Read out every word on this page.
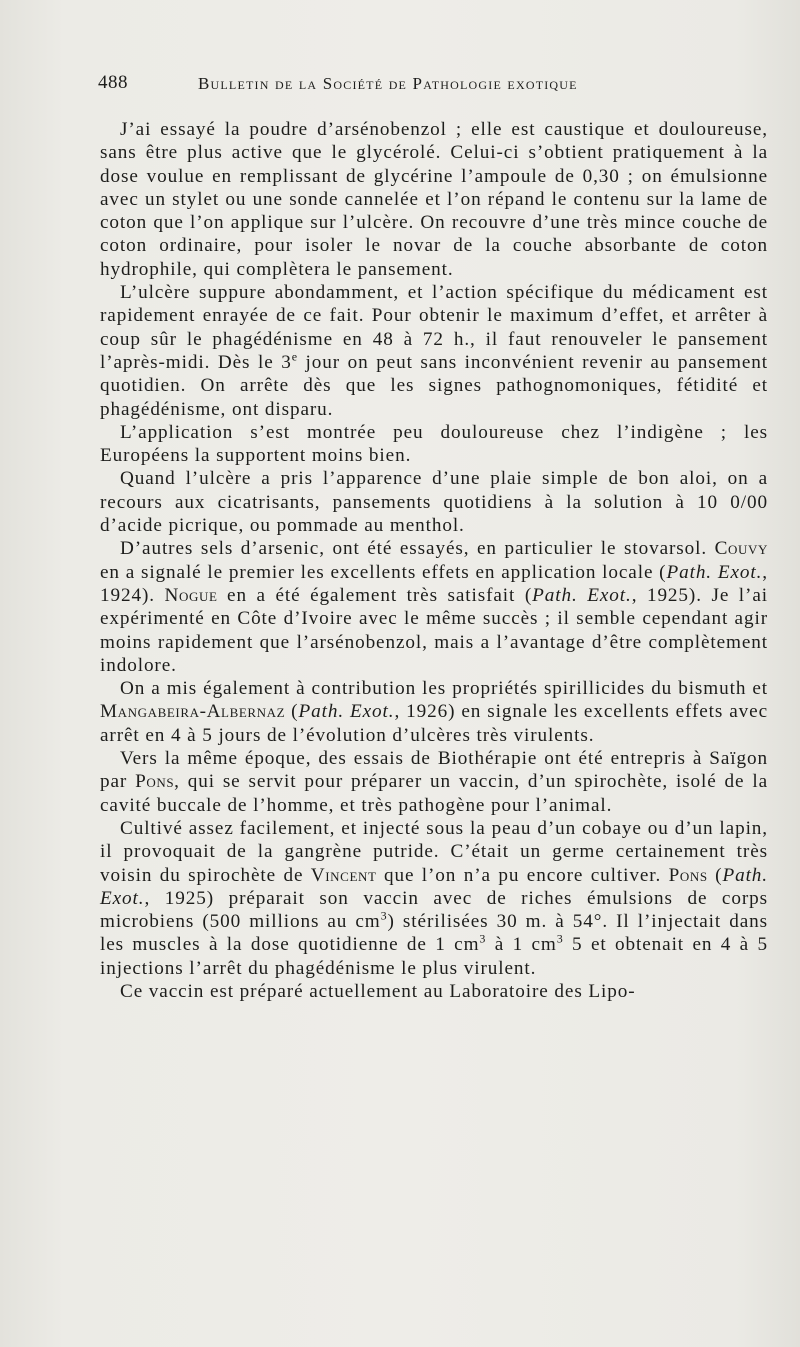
488	Bulletin de la Société de Pathologie exotique

J’ai essayé la poudre d’arsénobenzol ; elle est caustique et douloureuse, sans être plus active que le glycérolé. Celui-ci s’obtient pratiquement à la dose voulue en remplissant de glycérine l’ampoule de 0,30 ; on émulsionne avec un stylet ou une sonde cannelée et l’on répand le contenu sur la lame de coton que l’on applique sur l’ulcère. On recouvre d’une très mince couche de coton ordinaire, pour isoler le novar de la couche absorbante de coton hydrophile, qui complètera le pansement.

L’ulcère suppure abondamment, et l’action spécifique du médicament est rapidement enrayée de ce fait. Pour obtenir le maximum d’effet, et arrêter à coup sûr le phagédénisme en 48 à 72 h., il faut renouveler le pansement l’après-midi. Dès le 3e jour on peut sans inconvénient revenir au pansement quotidien. On arrête dès que les signes pathognomoniques, fétidité et phagédénisme, ont disparu.

L’application s’est montrée peu douloureuse chez l’indigène ; les Européens la supportent moins bien.

Quand l’ulcère a pris l’apparence d’une plaie simple de bon aloi, on a recours aux cicatrisants, pansements quotidiens à la solution à 10 0/00 d’acide picrique, ou pommade au menthol.

D’autres sels d’arsenic, ont été essayés, en particulier le stovarsol. Couvy en a signalé le premier les excellents effets en application locale (Path. Exot., 1924). Nogue en a été également très satisfait (Path. Exot., 1925). Je l’ai expérimenté en Côte d’Ivoire avec le même succès ; il semble cependant agir moins rapidement que l’arsénobenzol, mais a l’avantage d’être complètement indolore.

On a mis également à contribution les propriétés spirillicides du bismuth et Mangabeira-Albernaz (Path. Exot., 1926) en signale les excellents effets avec arrêt en 4 à 5 jours de l’évolution d’ulcères très virulents.

Vers la même époque, des essais de Biothérapie ont été entrepris à Saïgon par Pons, qui se servit pour préparer un vaccin, d’un spirochète, isolé de la cavité buccale de l’homme, et très pathogène pour l’animal.

Cultivé assez facilement, et injecté sous la peau d’un cobaye ou d’un lapin, il provoquait de la gangrène putride. C’était un germe certainement très voisin du spirochète de Vincent que l’on n’a pu encore cultiver. Pons (Path. Exot., 1925) préparait son vaccin avec de riches émulsions de corps microbiens (500 millions au $cm^3$) stérilisées 30 m. à 54°. Il l’injectait dans les muscles à la dose quotidienne de 1 $cm^3$ à 1 $cm^3$ 5 et obtenait en 4 à 5 injections l’arrêt du phagédénisme le plus virulent.

Ce vaccin est préparé actuellement au Laboratoire des Lipo-
